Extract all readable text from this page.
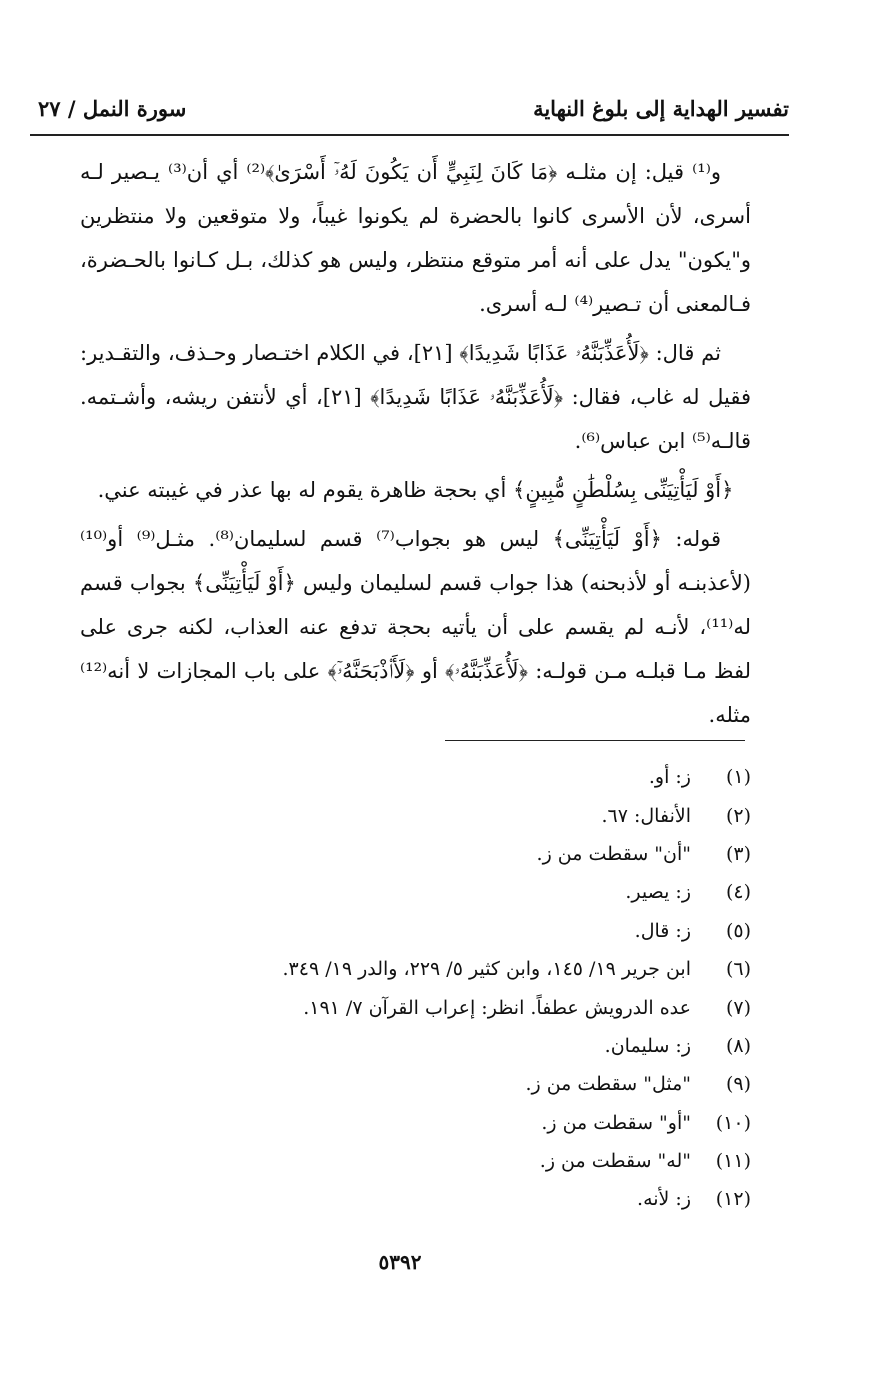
تفسير الهداية إلى بلوغ النهاية
سورة النمل / ٢٧

و⁽¹⁾ قيل: إن مثلـه ﴿مَا كَانَ لِنَبِيٍّ أَن يَكُونَ لَهُۥٓ أَسْرَىٰ﴾⁽²⁾ أي أن⁽³⁾ يـصير لـه أسرى، لأن الأسرى كانوا بالحضرة لم يكونوا غيباً، ولا متوقعين ولا منتظرين و"يكون" يدل على أنه أمر متوقع منتظر، وليس هو كذلك، بـل كـانوا بالحـضرة، فـالمعنى أن تـصير⁽⁴⁾ لـه أسرى.

ثم قال: ﴿لَأُعَذِّبَنَّهُۥ عَذَابًا شَدِيدًا﴾ [٢١]، في الكلام اختـصار وحـذف، والتقـدير: فقيل له غاب، فقال: ﴿لَأُعَذِّبَنَّهُۥ عَذَابًا شَدِيدًا﴾ [٢١]، أي لأنتفن ريشه، وأشـتمه. قالـه⁽⁵⁾ ابن عباس⁽⁶⁾.

﴿أَوْ لَيَأْتِيَنِّى بِسُلْطَٰنٍ مُّبِينٍ﴾ أي بحجة ظاهرة يقوم له بها عذر في غيبته عني.

قوله: ﴿أَوْ لَيَأْتِيَنِّى﴾ ليس هو بجواب⁽⁷⁾ قسم لسليمان⁽⁸⁾. مثـل⁽⁹⁾ أو⁽¹⁰⁾ (لأعذبنـه أو لأذبحنه) هذا جواب قسم لسليمان وليس ﴿أَوْ لَيَأْتِيَنِّى﴾ بجواب قسم له⁽¹¹⁾، لأنـه لم يقسم على أن يأتيه بحجة تدفع عنه العذاب، لكنه جرى على لفظ مـا قبلـه مـن قولـه: ﴿لَأُعَذِّبَنَّهُۥ﴾ أو ﴿لَأَا۟ذْبَحَنَّهُۥٓ﴾ على باب المجازات لا أنه⁽¹²⁾ مثله.

(١)
ز: أو.
(٢)
الأنفال: ٦٧.
(٣)
"أن" سقطت من ز.
(٤)
ز: يصير.
(٥)
ز: قال.
(٦)
ابن جرير ١٩/ ١٤٥، وابن كثير ٥/ ٢٢٩، والدر ١٩/ ٣٤٩.
(٧)
عده الدرويش عطفاً. انظر: إعراب القرآن ٧/ ١٩١.
(٨)
ز: سليمان.
(٩)
"مثل" سقطت من ز.
(١٠)
"أو" سقطت من ز.
(١١)
"له" سقطت من ز.
(١٢)
ز: لأنه.
٥٣٩٢
